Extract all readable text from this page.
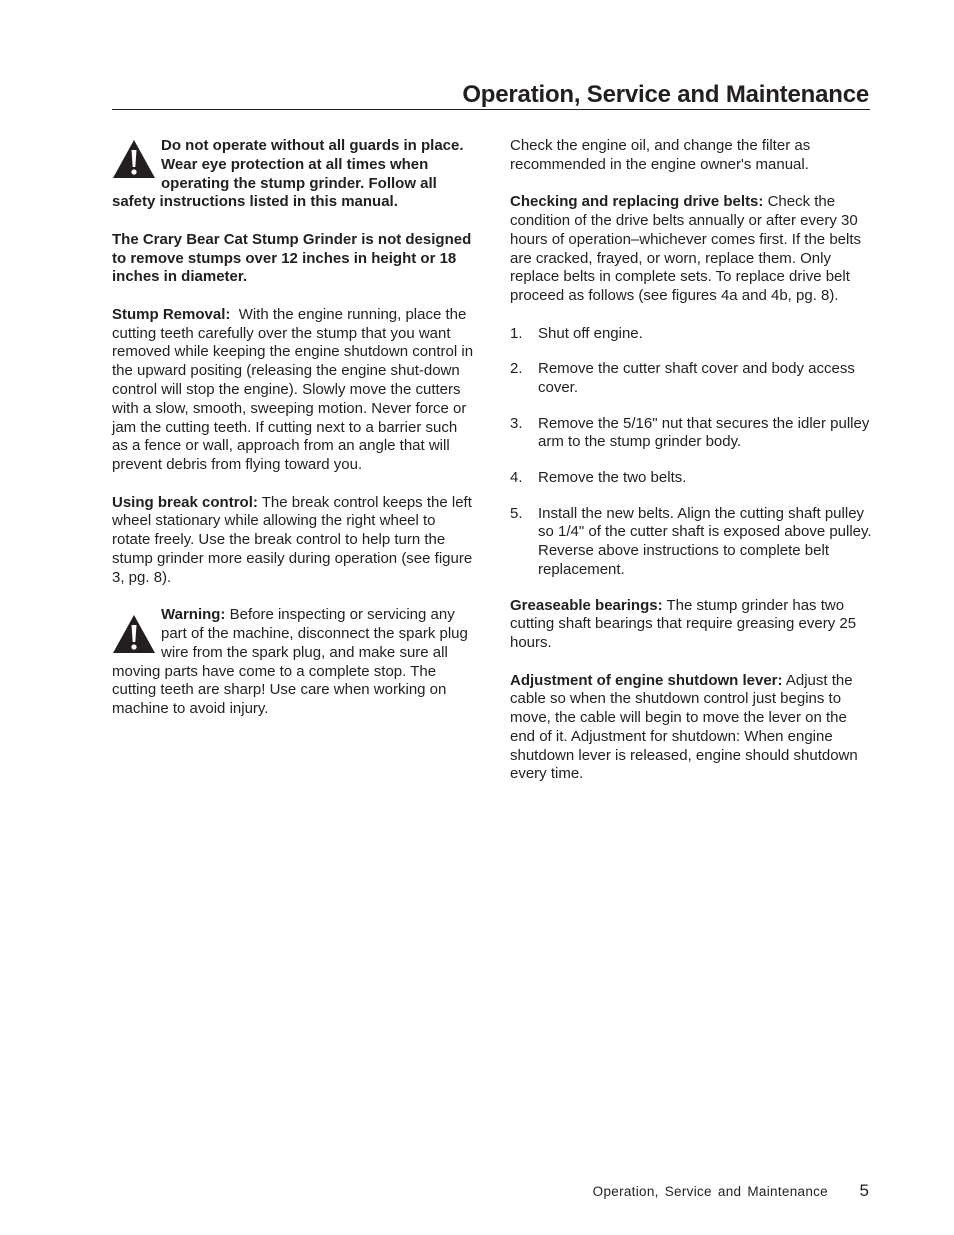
Operation, Service and Maintenance

Do not operate without all guards in place. Wear eye protection at all times when operating the stump grinder. Follow all safety instructions listed in this manual.

The Crary Bear Cat Stump Grinder is not designed to remove stumps over 12 inches in height or 18 inches in diameter.

Stump Removal:  With the engine running, place the cutting teeth carefully over the stump that you want removed while keeping the engine shutdown control in the upward positing (releasing the engine shut-down control will stop the engine). Slowly move the cutters with a slow, smooth, sweeping motion. Never force or jam the cutting teeth. If cutting next to a barrier such as a fence or wall, approach from an angle that will prevent debris from flying toward you.

Using break control: The break control keeps the left wheel stationary while allowing the right wheel to rotate freely. Use the break control to help turn the stump grinder more easily during operation (see figure 3, pg. 8).

Warning: Before inspecting or servicing any part of the machine, disconnect the spark plug wire from the spark plug, and make sure all moving parts have come to a complete stop. The cutting teeth are sharp! Use care when working on machine to avoid injury.

Check the engine oil, and change the filter as recommended in the engine owner's manual.

Checking and replacing drive belts: Check the condition of the drive belts annually or after every 30 hours of operation–whichever comes first. If the belts are cracked, frayed, or worn, replace them. Only replace belts in complete sets. To replace drive belt proceed as follows (see figures 4a and 4b, pg. 8).

1. Shut off engine.
2. Remove the cutter shaft cover and body access cover.
3. Remove the 5/16" nut that secures the idler pulley arm to the stump grinder body.
4. Remove the two belts.
5. Install the new belts. Align the cutting shaft pulley so 1/4" of the cutter shaft is exposed above pulley. Reverse above instructions to complete belt replacement.

Greaseable bearings: The stump grinder has two cutting shaft bearings that require greasing every 25 hours.

Adjustment of engine shutdown lever: Adjust the cable so when the shutdown control just begins to move, the cable will begin to move the lever on the end of it. Adjustment for shutdown: When engine shutdown lever is released, engine should shutdown every time.

Operation, Service and Maintenance 5
